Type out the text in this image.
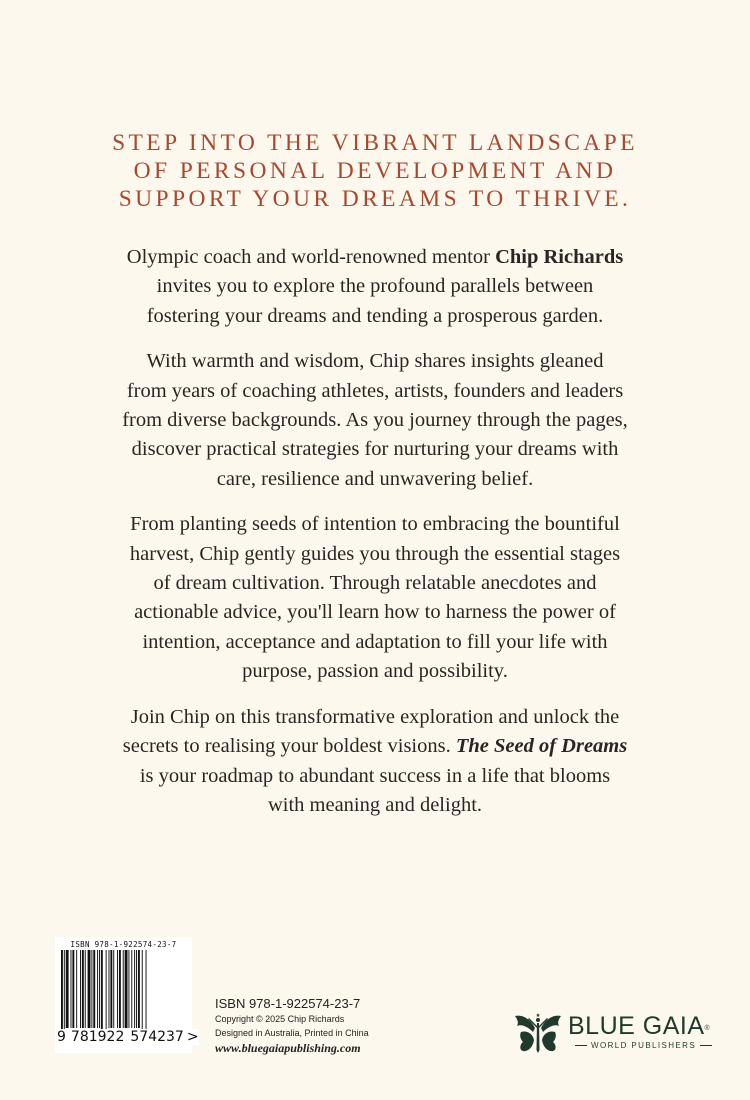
STEP INTO THE VIBRANT LANDSCAPE
OF PERSONAL DEVELOPMENT AND
SUPPORT YOUR DREAMS TO THRIVE.
Olympic coach and world-renowned mentor Chip Richards
invites you to explore the profound parallels between
fostering your dreams and tending a prosperous garden.
With warmth and wisdom, Chip shares insights gleaned
from years of coaching athletes, artists, founders and leaders
from diverse backgrounds. As you journey through the pages,
discover practical strategies for nurturing your dreams with
care, resilience and unwavering belief.
From planting seeds of intention to embracing the bountiful
harvest, Chip gently guides you through the essential stages
of dream cultivation. Through relatable anecdotes and
actionable advice, you'll learn how to harness the power of
intention, acceptance and adaptation to fill your life with
purpose, passion and possibility.
Join Chip on this transformative exploration and unlock the
secrets to realising your boldest visions. The Seed of Dreams
is your roadmap to abundant success in a life that blooms
with meaning and delight.
ISBN 978-1-922574-23-7
9 781922 574237 >
ISBN 978-1-922574-23-7
Copyright © 2025 Chip Richards
Designed in Australia, Printed in China
www.bluegaiapublishing.com
BLUE GAIA®
WORLD PUBLISHERS
